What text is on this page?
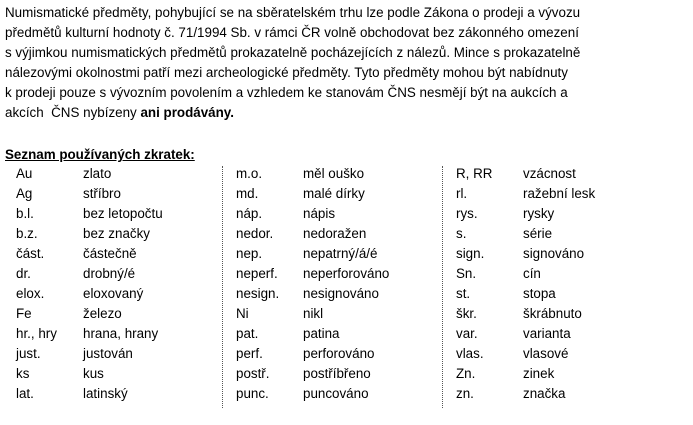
Numismatické předměty, pohybující se na sběratelském trhu lze podle Zákona o prodeji a vývozu
předmětů kulturní hodnoty č. 71/1994 Sb. v rámci ČR volně obchodovat bez zákonného omezení
s výjimkou numismatických předmětů prokazatelně pocházejících z nálezů. Mince s prokazatelně
nálezovými okolnostmi patří mezi archeologické předměty. Tyto předměty mohou být nabídnuty
k prodeji pouze s vývozním povolením a vzhledem ke stanovám ČNS nesmějí být na aukcích a
akcích  ČNS nybízeny ani prodávány.
Seznam používaných zkratek:
Au	zlato
Ag	stříbro
b.l.	bez letopočtu
b.z.	bez značky
část.	částečně
dr.	drobný/é
elox.	eloxovaný
Fe	železo
hr., hry hrana, hrany
just.	justován
ks	kus
lat.	latinský
m.o.	měl ouško
md.	malé dírky
náp.	nápis
nedor. nedoražen
nep.	nepatrný/á/é
neperf. neperforováno
nesign. nesignováno
Ni	nikl
pat.	patina
perf.	perforováno
postř.	postříbřeno
punc.	puncováno
R, RR vzácnost
rl.	ražební lesk
rys.	rysky
s.	série
sign.	signováno
Sn.	cín
st.	stopa
škr.	škrábnuto
var.	varianta
vlas.	vlasové
Zn.	zinek
zn.	značka
